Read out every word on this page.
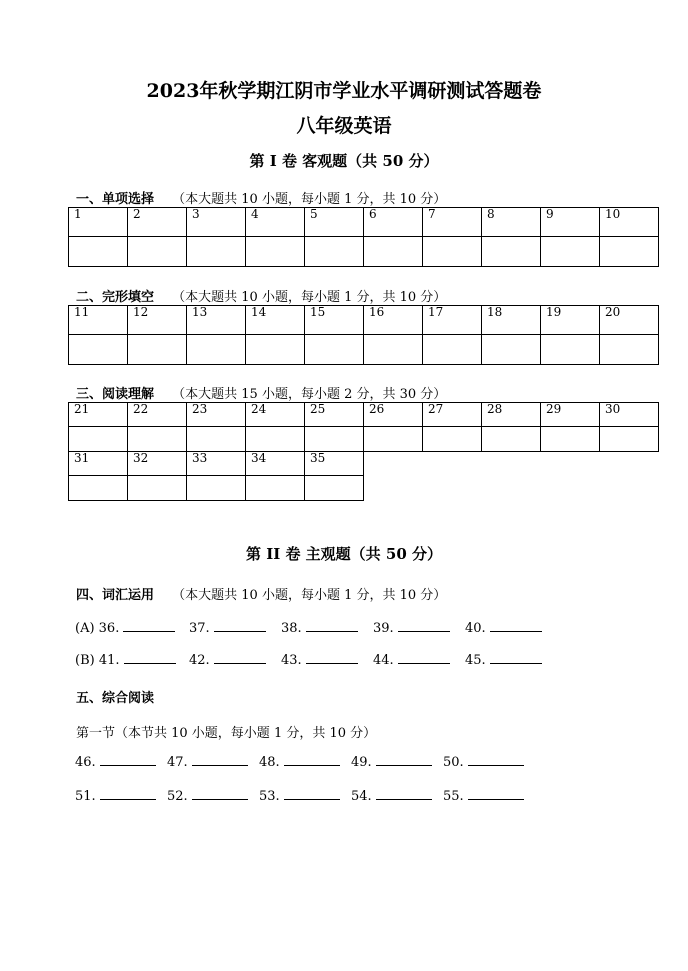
2023年秋学期江阴市学业水平调研测试答题卷
八年级英语
第 I 卷 客观题（共 50 分）
一、单项选择 （本大题共 10 小题，每小题 1 分，共 10 分）
1	2	3	4	5	6	7	8	9	10

二、完形填空 （本大题共 10 小题，每小题 1 分，共 10 分）
11	12	13	14	15	16	17	18	19	20

三、阅读理解 （本大题共 15 小题，每小题 2 分，共 30 分）
21	22	23	24	25	26	27	28	29	30

31	32	33	34	35					

第 II 卷 主观题（共 50 分）
四、词汇运用 （本大题共 10 小题，每小题 1 分，共 10 分）
(A) 36.	37.	38.	39.	40.
(B) 41.	42.	43.	44.	45.
五、综合阅读
第一节（本节共 10 小题，每小题 1 分，共 10 分）
46.	47.	48.	49.	50.
51.	52.	53.	54.	55.
